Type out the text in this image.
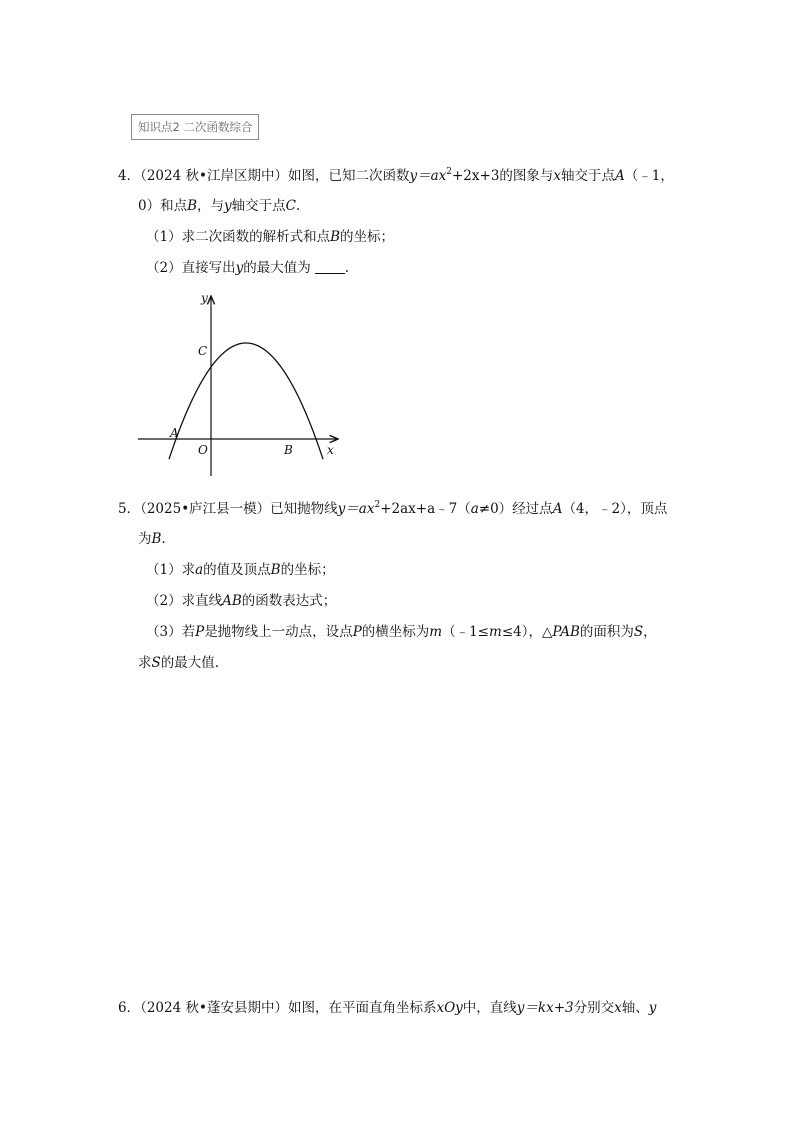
知识点2 二次函数综合
4．（2024 秋•江岸区期中）如图，已知二次函数$y=ax^2+2x+3$的图象与x轴交于点A（﹣1，
0）和点B，与y轴交于点C.
（1）求二次函数的解析式和点B的坐标；
（2）直接写出y的最大值为	.
y
x
C
A
O	B
5．（2025•庐江县一模）已知抛物线$y=ax^2+2ax+a﹣7(a\ne 0)$经过点A（4，﹣2），顶点
为B.
（1）求a的值及顶点B的坐标；
（2）求直线AB的函数表达式；
（3）若P是抛物线上一动点，设点P的横坐标为m（﹣1≤m≤4），△PAB的面积为S，
求S的最大值.
6．（2024 秋•蓬安县期中）如图，在平面直角坐标系xOy中，直线y＝kx+3分别交x轴、y
